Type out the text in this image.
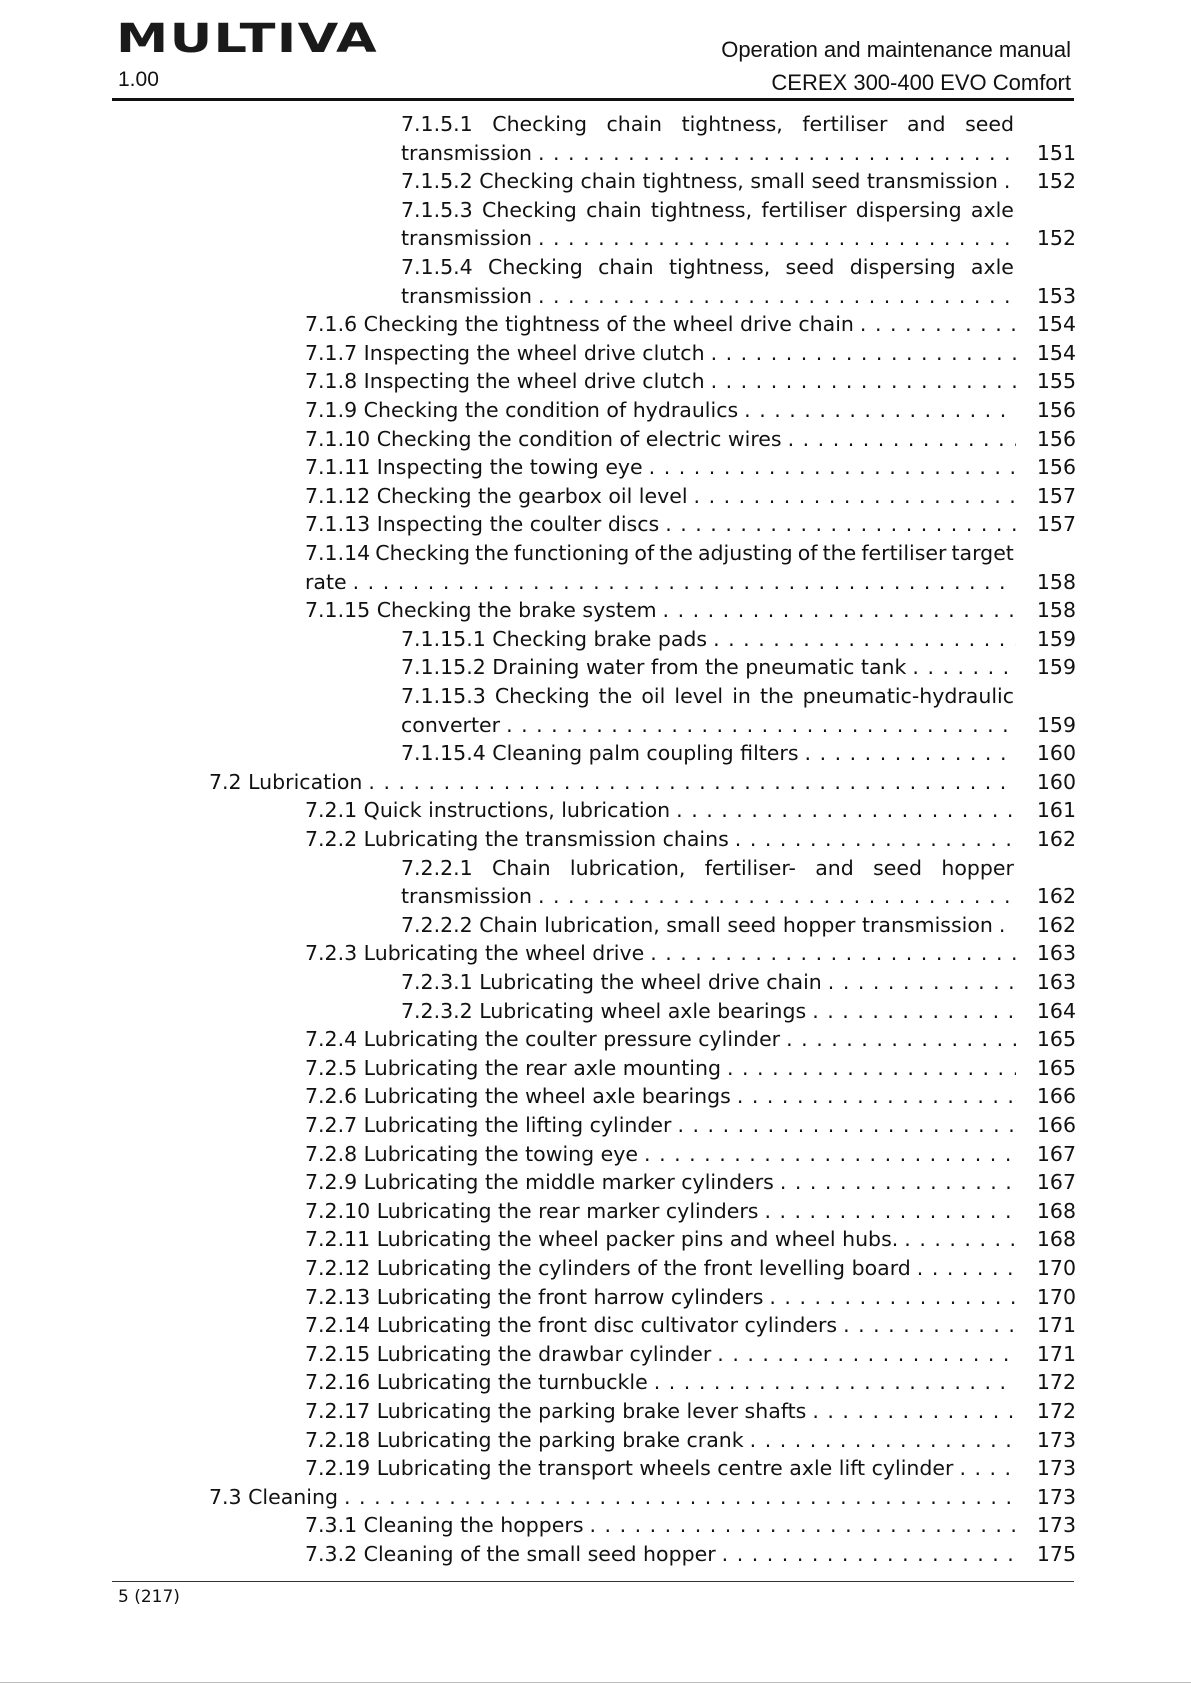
MULTIVA
1.00
Operation and maintenance manual
CEREX 300-400 EVO Comfort
7.1.5.1 Checking chain tightness, fertiliser and seed
transmission . . .	151
7.1.5.2 Checking chain tightness, small seed transmission . . .	152
7.1.5.3 Checking chain tightness, fertiliser dispersing axle
transmission . . .	152
7.1.5.4 Checking chain tightness, seed dispersing axle
transmission . . .	153
7.1.6 Checking the tightness of the wheel drive chain . . .	154
7.1.7 Inspecting the wheel drive clutch . . .	154
7.1.8 Inspecting the wheel drive clutch . . .	155
7.1.9 Checking the condition of hydraulics . . .	156
7.1.10 Checking the condition of electric wires . . .	156
7.1.11 Inspecting the towing eye . . .	156
7.1.12 Checking the gearbox oil level . . .	157
7.1.13 Inspecting the coulter discs . . .	157
7.1.14 Checking the functioning of the adjusting of the fertiliser target
rate . . .	158
7.1.15 Checking the brake system . . .	158
7.1.15.1 Checking brake pads . . .	159
7.1.15.2 Draining water from the pneumatic tank . . .	159
7.1.15.3 Checking the oil level in the pneumatic-hydraulic
converter . . .	159
7.1.15.4 Cleaning palm coupling filters . . .	160
7.2 Lubrication . . .	160
7.2.1 Quick instructions, lubrication . . .	161
7.2.2 Lubricating the transmission chains . . .	162
7.2.2.1 Chain lubrication, fertiliser- and seed hopper
transmission . . .	162
7.2.2.2 Chain lubrication, small seed hopper transmission . . .	162
7.2.3 Lubricating the wheel drive . . .	163
7.2.3.1 Lubricating the wheel drive chain . . .	163
7.2.3.2 Lubricating wheel axle bearings . . .	164
7.2.4 Lubricating the coulter pressure cylinder . . .	165
7.2.5 Lubricating the rear axle mounting . . .	165
7.2.6 Lubricating the wheel axle bearings . . .	166
7.2.7 Lubricating the lifting cylinder . . .	166
7.2.8 Lubricating the towing eye . . .	167
7.2.9 Lubricating the middle marker cylinders . . .	167
7.2.10 Lubricating the rear marker cylinders . . .	168
7.2.11 Lubricating the wheel packer pins and wheel hubs. . . .	168
7.2.12 Lubricating the cylinders of the front levelling board . . .	170
7.2.13 Lubricating the front harrow cylinders . . .	170
7.2.14 Lubricating the front disc cultivator cylinders . . .	171
7.2.15 Lubricating the drawbar cylinder . . .	171
7.2.16 Lubricating the turnbuckle . . .	172
7.2.17 Lubricating the parking brake lever shafts . . .	172
7.2.18 Lubricating the parking brake crank . . .	173
7.2.19 Lubricating the transport wheels centre axle lift cylinder . . .	173
7.3 Cleaning . . .	173
7.3.1 Cleaning the hoppers . . .	173
7.3.2 Cleaning of the small seed hopper . . .	175
5 (217)
